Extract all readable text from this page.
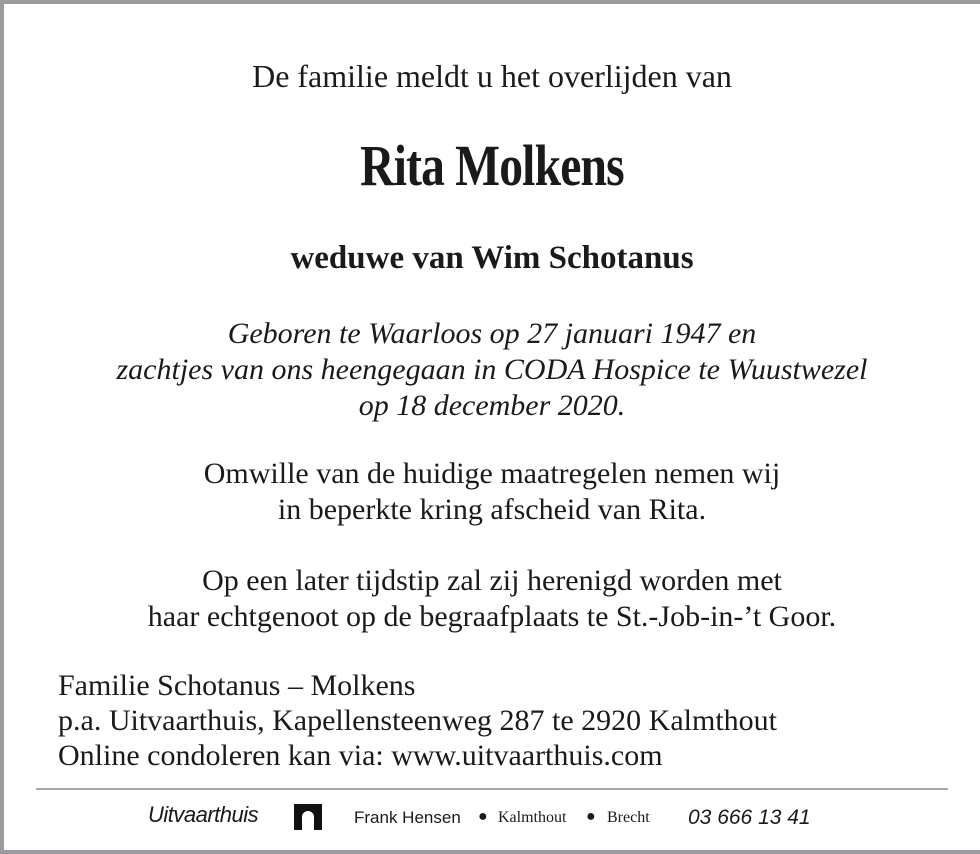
De familie meldt u het overlijden van
Rita Molkens
weduwe van Wim Schotanus
Geboren te Waarloos op 27 januari 1947 en
zachtjes van ons heengegaan in CODA Hospice te Wuustwezel
op 18 december 2020.
Omwille van de huidige maatregelen nemen wij
in beperkte kring afscheid van Rita.
Op een later tijdstip zal zij herenigd worden met
haar echtgenoot op de begraafplaats te St.-Job-in-’t Goor.
Familie Schotanus – Molkens
p.a. Uitvaarthuis, Kapellensteenweg 287 te 2920 Kalmthout
Online condoleren kan via: www.uitvaarthuis.com
Uitvaarthuis	Frank Hensen ● Kalmthout ● Brecht 03 666 13 41
